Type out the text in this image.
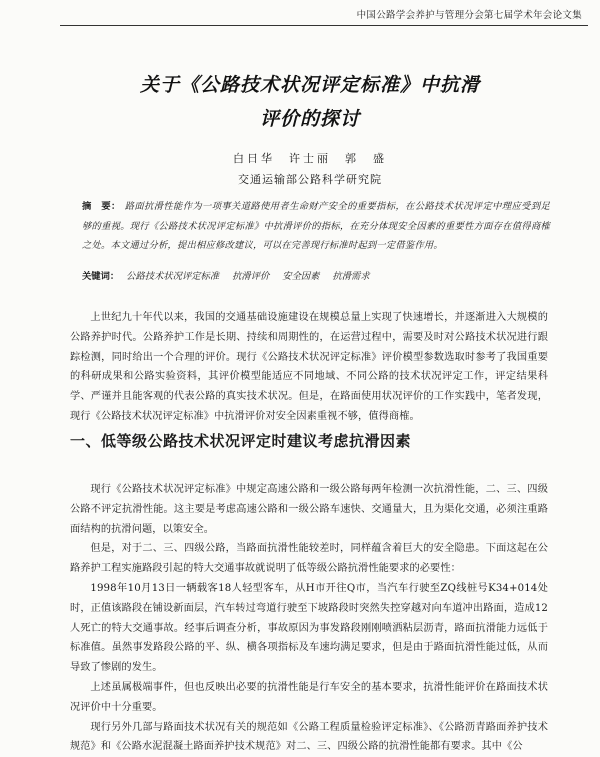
中国公路学会养护与管理分会第七届学术年会论文集
关于《公路技术状况评定标准》中抗滑
评价的探讨
白日华　许士丽　郭　盛
交通运输部公路科学研究院
摘　要： 路面抗滑性能作为一项事关道路使用者生命财产安全的重要指标，在公路技术状况评定中理应受到足够的重视。现行《公路技术状况评定标准》中抗滑评价的指标，在充分体现安全因素的重要性方面存在值得商榷之处。本文通过分析，提出相应修改建议，可以在完善现行标准时起到一定借鉴作用。
关键词： 公路技术状况评定标准 抗滑评价 安全因素 抗滑需求

上世纪九十年代以来，我国的交通基础设施建设在规模总量上实现了快速增长，并逐渐进入大规模的公路养护时代。公路养护工作是长期、持续和周期性的，在运营过程中，需要及时对公路技术状况进行跟踪检测，同时给出一个合理的评价。现行《公路技术状况评定标准》评价模型参数选取时参考了我国重要的科研成果和公路实验资料，其评价模型能适应不同地域、不同公路的技术状况评定工作，评定结果科学、严谨并且能客观的代表公路的真实技术状况。但是，在路面使用状况评价的工作实践中，笔者发现，现行《公路技术状况评定标准》中抗滑评价对安全因素重视不够，值得商榷。

一、低等级公路技术状况评定时建议考虑抗滑因素

现行《公路技术状况评定标准》中规定高速公路和一级公路每两年检测一次抗滑性能，二、三、四级公路不评定抗滑性能。这主要是考虑高速公路和一级公路车速快、交通量大，且为渠化交通，必须注重路面结构的抗滑问题，以策安全。

但是，对于二、三、四级公路，当路面抗滑性能较差时，同样蕴含着巨大的安全隐患。下面这起在公路养护工程实施路段引起的特大交通事故就说明了低等级公路抗滑性能要求的必要性：

1998年10月13日一辆载客18人轻型客车，从H市开往Q市，当汽车行驶至ZQ线桩号K34+014处时，正值该路段在铺设新面层，汽车转过弯道行驶至下坡路段时突然失控穿越对向车道冲出路面，造成12人死亡的特大交通事故。经事后调查分析，事故原因为事发路段刚刚喷洒粘层沥青，路面抗滑能力远低于标准值。虽然事发路段公路的平、纵、横各项指标及车速均满足要求，但是由于路面抗滑性能过低，从而导致了惨剧的发生。

上述虽属极端事件，但也反映出必要的抗滑性能是行车安全的基本要求，抗滑性能评价在路面技术状况评价中十分重要。

现行另外几部与路面技术状况有关的规范如《公路工程质量检验评定标准》、《公路沥青路面养护技术规范》和《公路水泥混凝土路面养护技术规范》对二、三、四级公路的抗滑性能都有要求。其中《公
